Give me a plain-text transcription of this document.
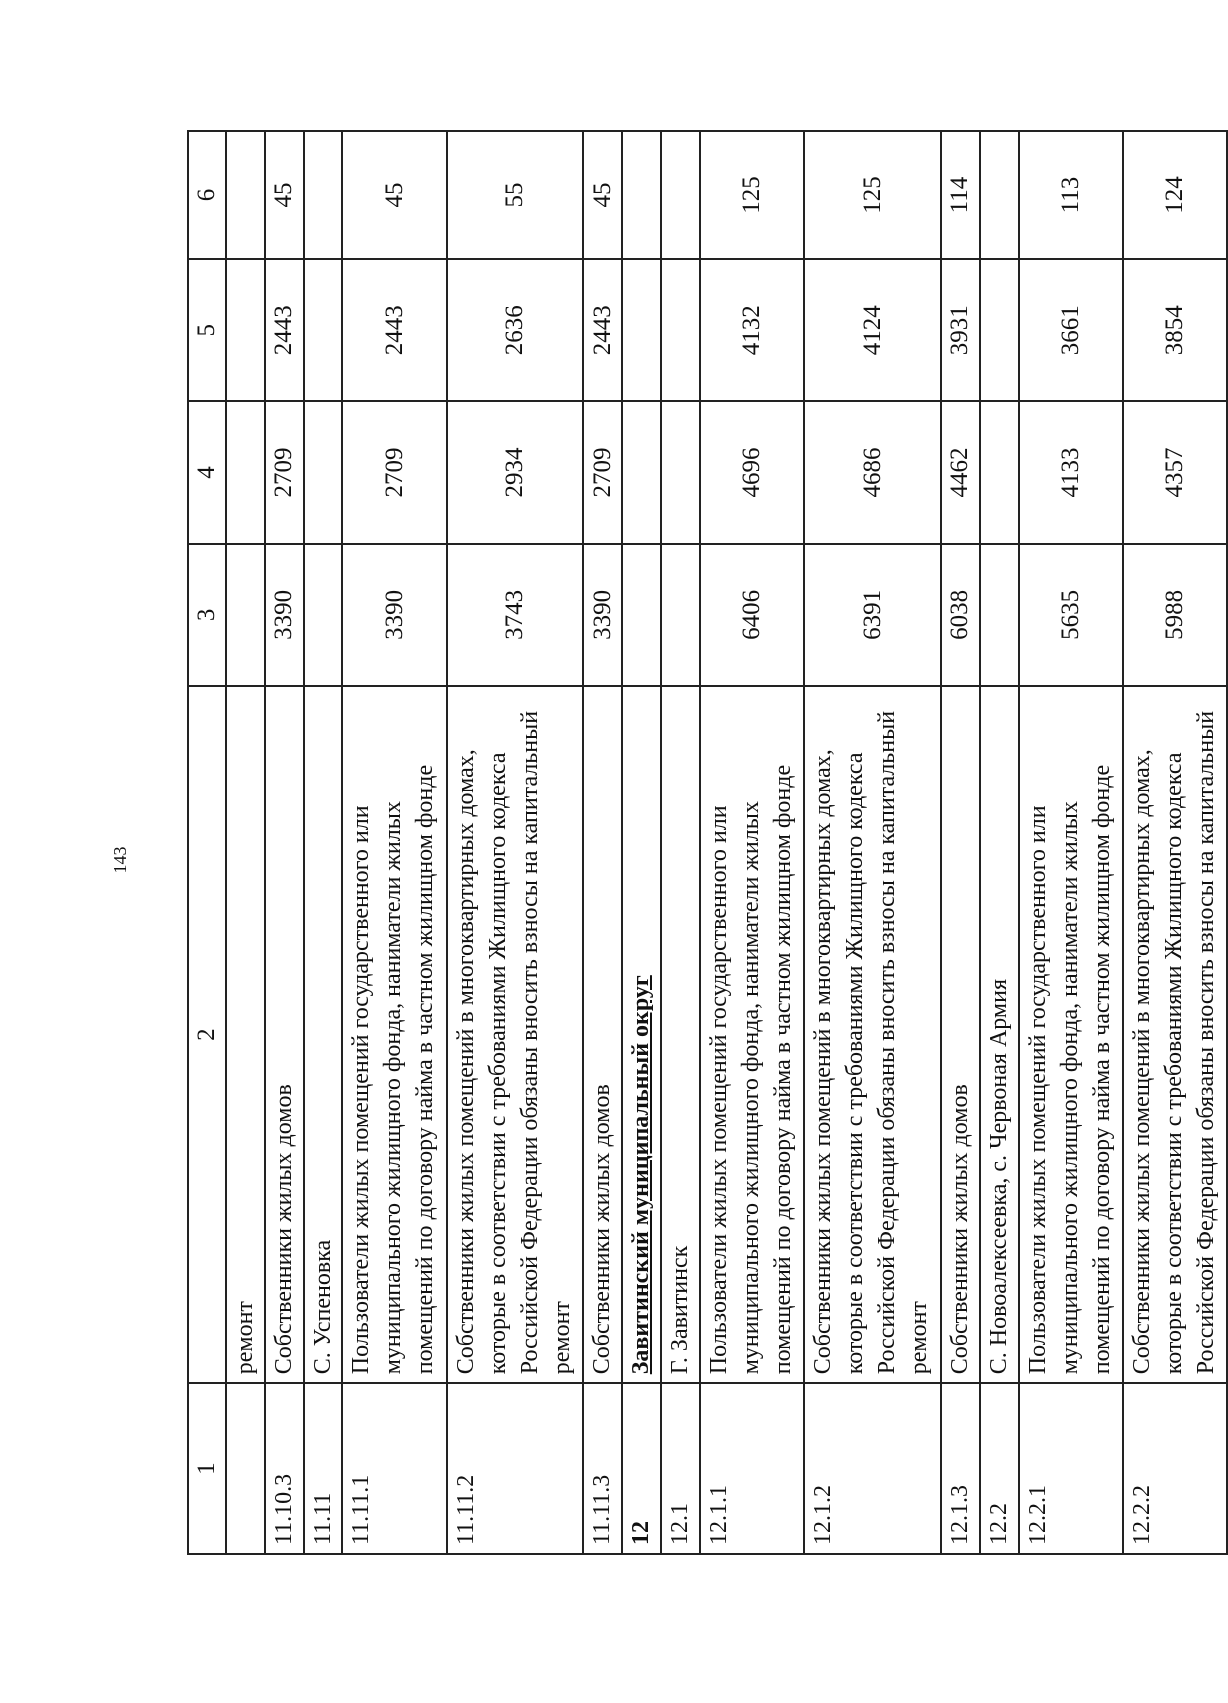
143
1	2	3	4	5	6
	ремонт				
11.10.3	Собственники жилых домов	3390	2709	2443	45
11.11	С. Успеновка				
11.11.1	Пользователи жилых помещений государственного или муниципального жилищного фонда, наниматели жилых помещений по договору найма в частном жилищном фонде	3390	2709	2443	45
11.11.2	Собственники жилых помещений в многоквартирных домах, которые в соответствии с требованиями Жилищного кодекса Российской Федерации обязаны вносить взносы на капитальный ремонт	3743	2934	2636	55
11.11.3	Собственники жилых домов	3390	2709	2443	45
12	Завитинский муниципальный округ				
12.1	Г. Завитинск				
12.1.1	Пользователи жилых помещений государственного или муниципального жилищного фонда, наниматели жилых помещений по договору найма в частном жилищном фонде	6406	4696	4132	125
12.1.2	Собственники жилых помещений в многоквартирных домах, которые в соответствии с требованиями Жилищного кодекса Российской Федерации обязаны вносить взносы на капитальный ремонт	6391	4686	4124	125
12.1.3	Собственники жилых домов	6038	4462	3931	114
12.2	С. Новоалексеевка, с. Червоная Армия				
12.2.1	Пользователи жилых помещений государственного или муниципального жилищного фонда, наниматели жилых помещений по договору найма в частном жилищном фонде	5635	4133	3661	113
12.2.2	Собственники жилых помещений в многоквартирных домах, которые в соответствии с требованиями Жилищного кодекса Российской Федерации обязаны вносить взносы на капитальный	5988	4357	3854	124
